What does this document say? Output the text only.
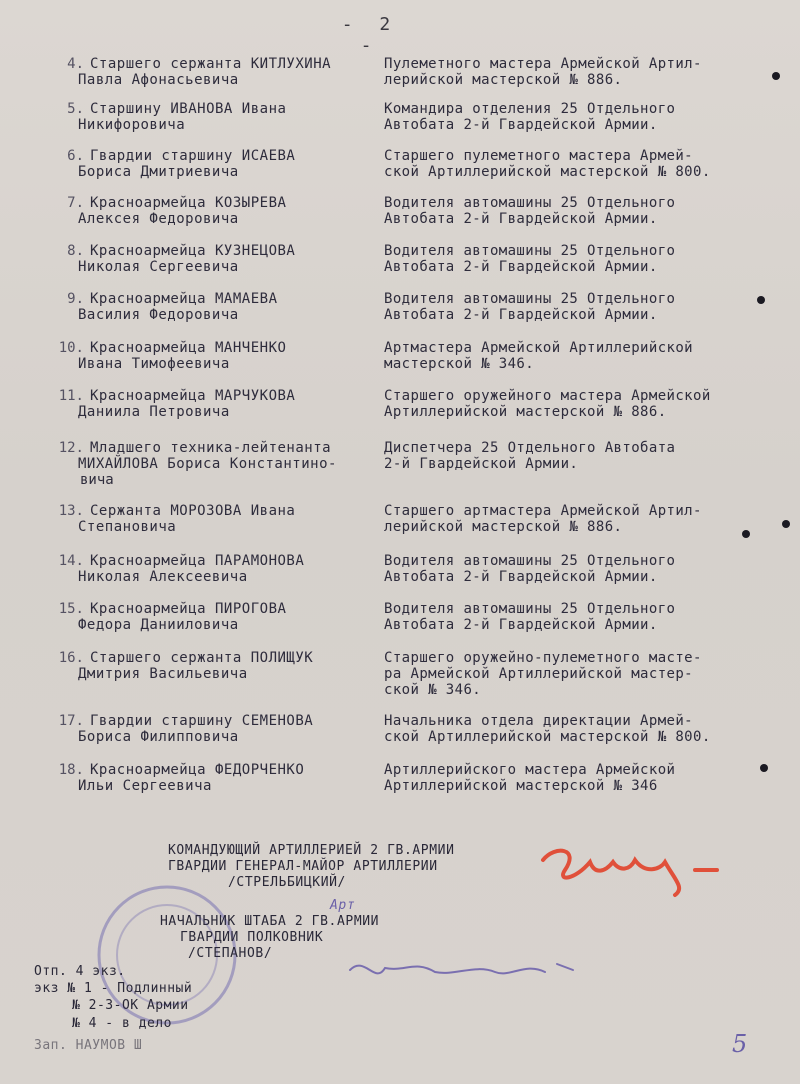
- 2 -
4. Старшего сержанта КИТЛУХИНА
Павла Афонасьевича
Пулеметного мастера Армейской Артил-
лерийской мастерской № 886.
5. Старшину ИВАНОВА Ивана
Никифоровича
Командира отделения 25 Отдельного
Автобата 2-й Гвардейской Армии.
6. Гвардии старшину ИСАЕВА
Бориса Дмитриевича
Старшего пулеметного мастера Армей-
ской Артиллерийской мастерской № 800.
7. Красноармейца КОЗЫРЕВА
Алексея Федоровича
Водителя автомашины 25 Отдельного
Автобата 2-й Гвардейской Армии.
8. Красноармейца КУЗНЕЦОВА
Николая Сергеевича
Водителя автомашины 25 Отдельного
Автобата 2-й Гвардейской Армии.
9. Красноармейца МАМАЕВА
Василия Федоровича
Водителя автомашины 25 Отдельного
Автобата 2-й Гвардейской Армии.
10. Красноармейца МАНЧЕНКО
Ивана Тимофеевича
Артмастера Армейской Артиллерийской
мастерской № 346.
11. Красноармейца МАРЧУКОВА
Даниила Петровича
Старшего оружейного мастера Армейской
Артиллерийской мастерской № 886.
12. Младшего техника-лейтенанта
МИХАЙЛОВА Бориса Константино-
вича
Диспетчера 25 Отдельного Автобата
2-й Гвардейской Армии.
13. Сержанта МОРОЗОВА Ивана
Степановича
Старшего артмастера Армейской Артил-
лерийской мастерской № 886.
14. Красноармейца ПАРАМОНОВА
Николая Алексеевича
Водителя автомашины 25 Отдельного
Автобата 2-й Гвардейской Армии.
15. Красноармейца ПИРОГОВА
Федора Данииловича
Водителя автомашины 25 Отдельного
Автобата 2-й Гвардейской Армии.
16. Старшего сержанта ПОЛИЩУК
Дмитрия Васильевича
Старшего оружейно-пулеметного масте-
ра Армейской Артиллерийской мастер-
ской № 346.
17. Гвардии старшину СЕМЕНОВА
Бориса Филипповича
Начальника отдела директации Армей-
ской Артиллерийской мастерской № 800.
18. Красноармейца ФЕДОРЧЕНКО
Ильи Сергеевича
Артиллерийского мастера Армейской
Артиллерийской мастерской № 346
КОМАНДУЮЩИЙ АРТИЛЛЕРИЕЙ 2 ГВ.АРМИИ
ГВАРДИИ ГЕНЕРАЛ-МАЙОР АРТИЛЛЕРИИ
/СТРЕЛЬБИЦКИЙ/
Арт
НАЧАЛЬНИК ШТАБА 2 ГВ.АРМИИ
ГВАРДИИ ПОЛКОВНИК
/СТЕПАНОВ/
Отп. 4 экз.
экз № 1 - Подлинный
№ 2-3-ОК Армии
№ 4 - в дело
Зап. НАУМОВ Ш	5
